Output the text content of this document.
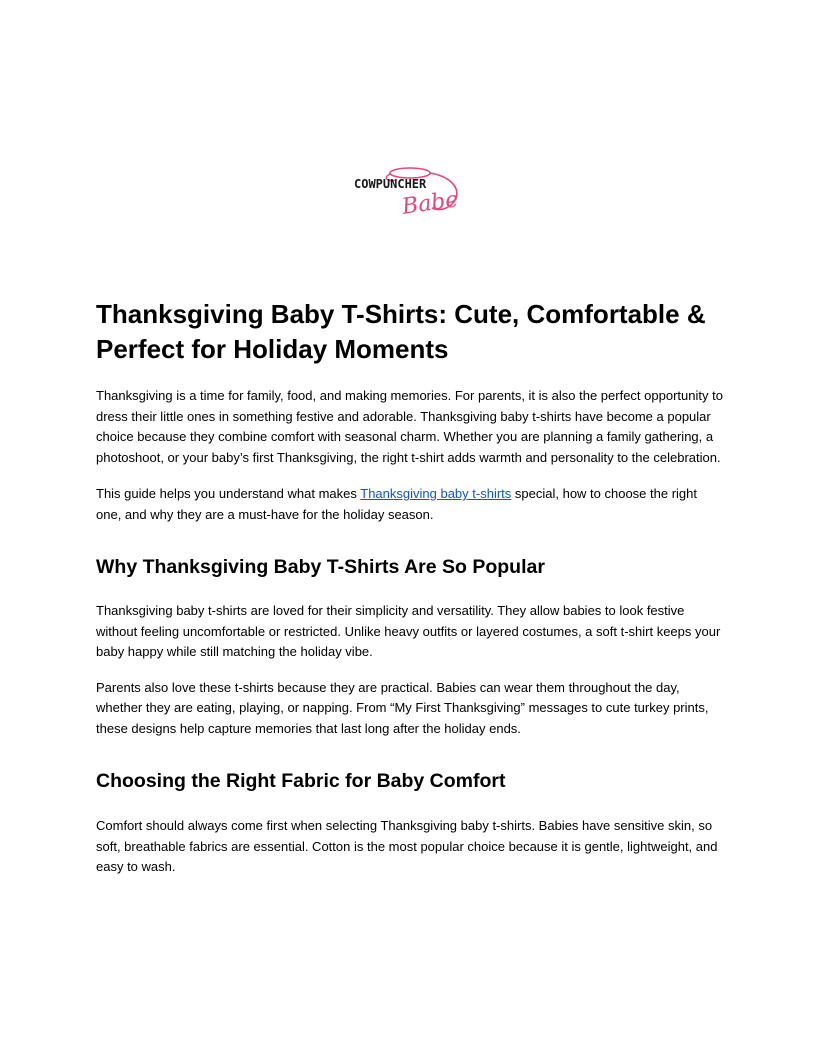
COWPUNCHER
Babe
Thanksgiving Baby T-Shirts: Cute, Comfortable & Perfect for Holiday Moments

Thanksgiving is a time for family, food, and making memories. For parents, it is also the perfect opportunity to dress their little ones in something festive and adorable. Thanksgiving baby t-shirts have become a popular choice because they combine comfort with seasonal charm. Whether you are planning a family gathering, a photoshoot, or your baby’s first Thanksgiving, the right t-shirt adds warmth and personality to the celebration.

This guide helps you understand what makes Thanksgiving baby t-shirts special, how to choose the right one, and why they are a must-have for the holiday season.

Why Thanksgiving Baby T-Shirts Are So Popular

Thanksgiving baby t-shirts are loved for their simplicity and versatility. They allow babies to look festive without feeling uncomfortable or restricted. Unlike heavy outfits or layered costumes, a soft t-shirt keeps your baby happy while still matching the holiday vibe.

Parents also love these t-shirts because they are practical. Babies can wear them throughout the day, whether they are eating, playing, or napping. From “My First Thanksgiving” messages to cute turkey prints, these designs help capture memories that last long after the holiday ends.

Choosing the Right Fabric for Baby Comfort

Comfort should always come first when selecting Thanksgiving baby t-shirts. Babies have sensitive skin, so soft, breathable fabrics are essential. Cotton is the most popular choice because it is gentle, lightweight, and easy to wash.
